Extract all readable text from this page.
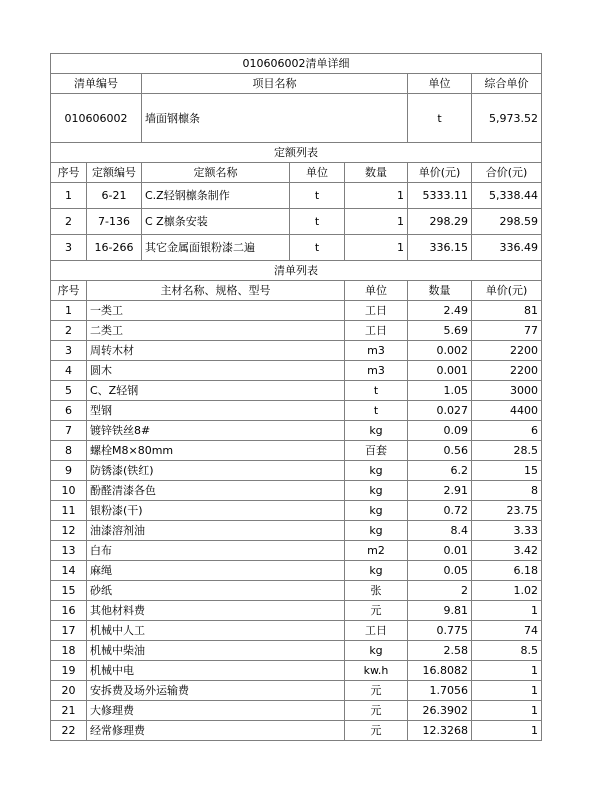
010606002清单详细							
清单编号		项目名称			单位	综合单价	
010606002		墙面钢檩条			t	5,973.52	
定额列表							
序号	定额编号	定额名称	单位	数量	单价(元)	合价(元)	
1	6-21	C.Z轻钢檩条制作	t	1	5333.11	5,338.44	
2	7-136	C Z檩条安装	t	1	298.29	298.59	
3	16-266	其它金属面银粉漆二遍	t	1	336.15	336.49	
清单列表							
序号	主材名称、规格、型号			单位	数量	单价(元)	
1	一类工			工日	2.49	81	
2	二类工			工日	5.69	77	
3	周转木材			m3	0.002	2200	
4	圆木			m3	0.001	2200	
5	C、Z轻钢			t	1.05	3000	
6	型钢			t	0.027	4400	
7	镀锌铁丝8#			kg	0.09	6	
8	螺栓M8×80mm			百套	0.56	28.5	
9	防锈漆(铁红)			kg	6.2	15	
10	酚醛清漆各色			kg	2.91	8	
11	银粉漆(干)			kg	0.72	23.75	
12	油漆溶剂油			kg	8.4	3.33	
13	白布			m2	0.01	3.42	
14	麻绳			kg	0.05	6.18	
15	砂纸			张	2	1.02	
16	其他材料费			元	9.81	1	
17	机械中人工			工日	0.775	74	
18	机械中柴油			kg	2.58	8.5	
19	机械中电			kw.h	16.8082	1	
20	安拆费及场外运输费			元	1.7056	1	
21	大修理费			元	26.3902	1	
22	经常修理费			元	12.3268	1	
